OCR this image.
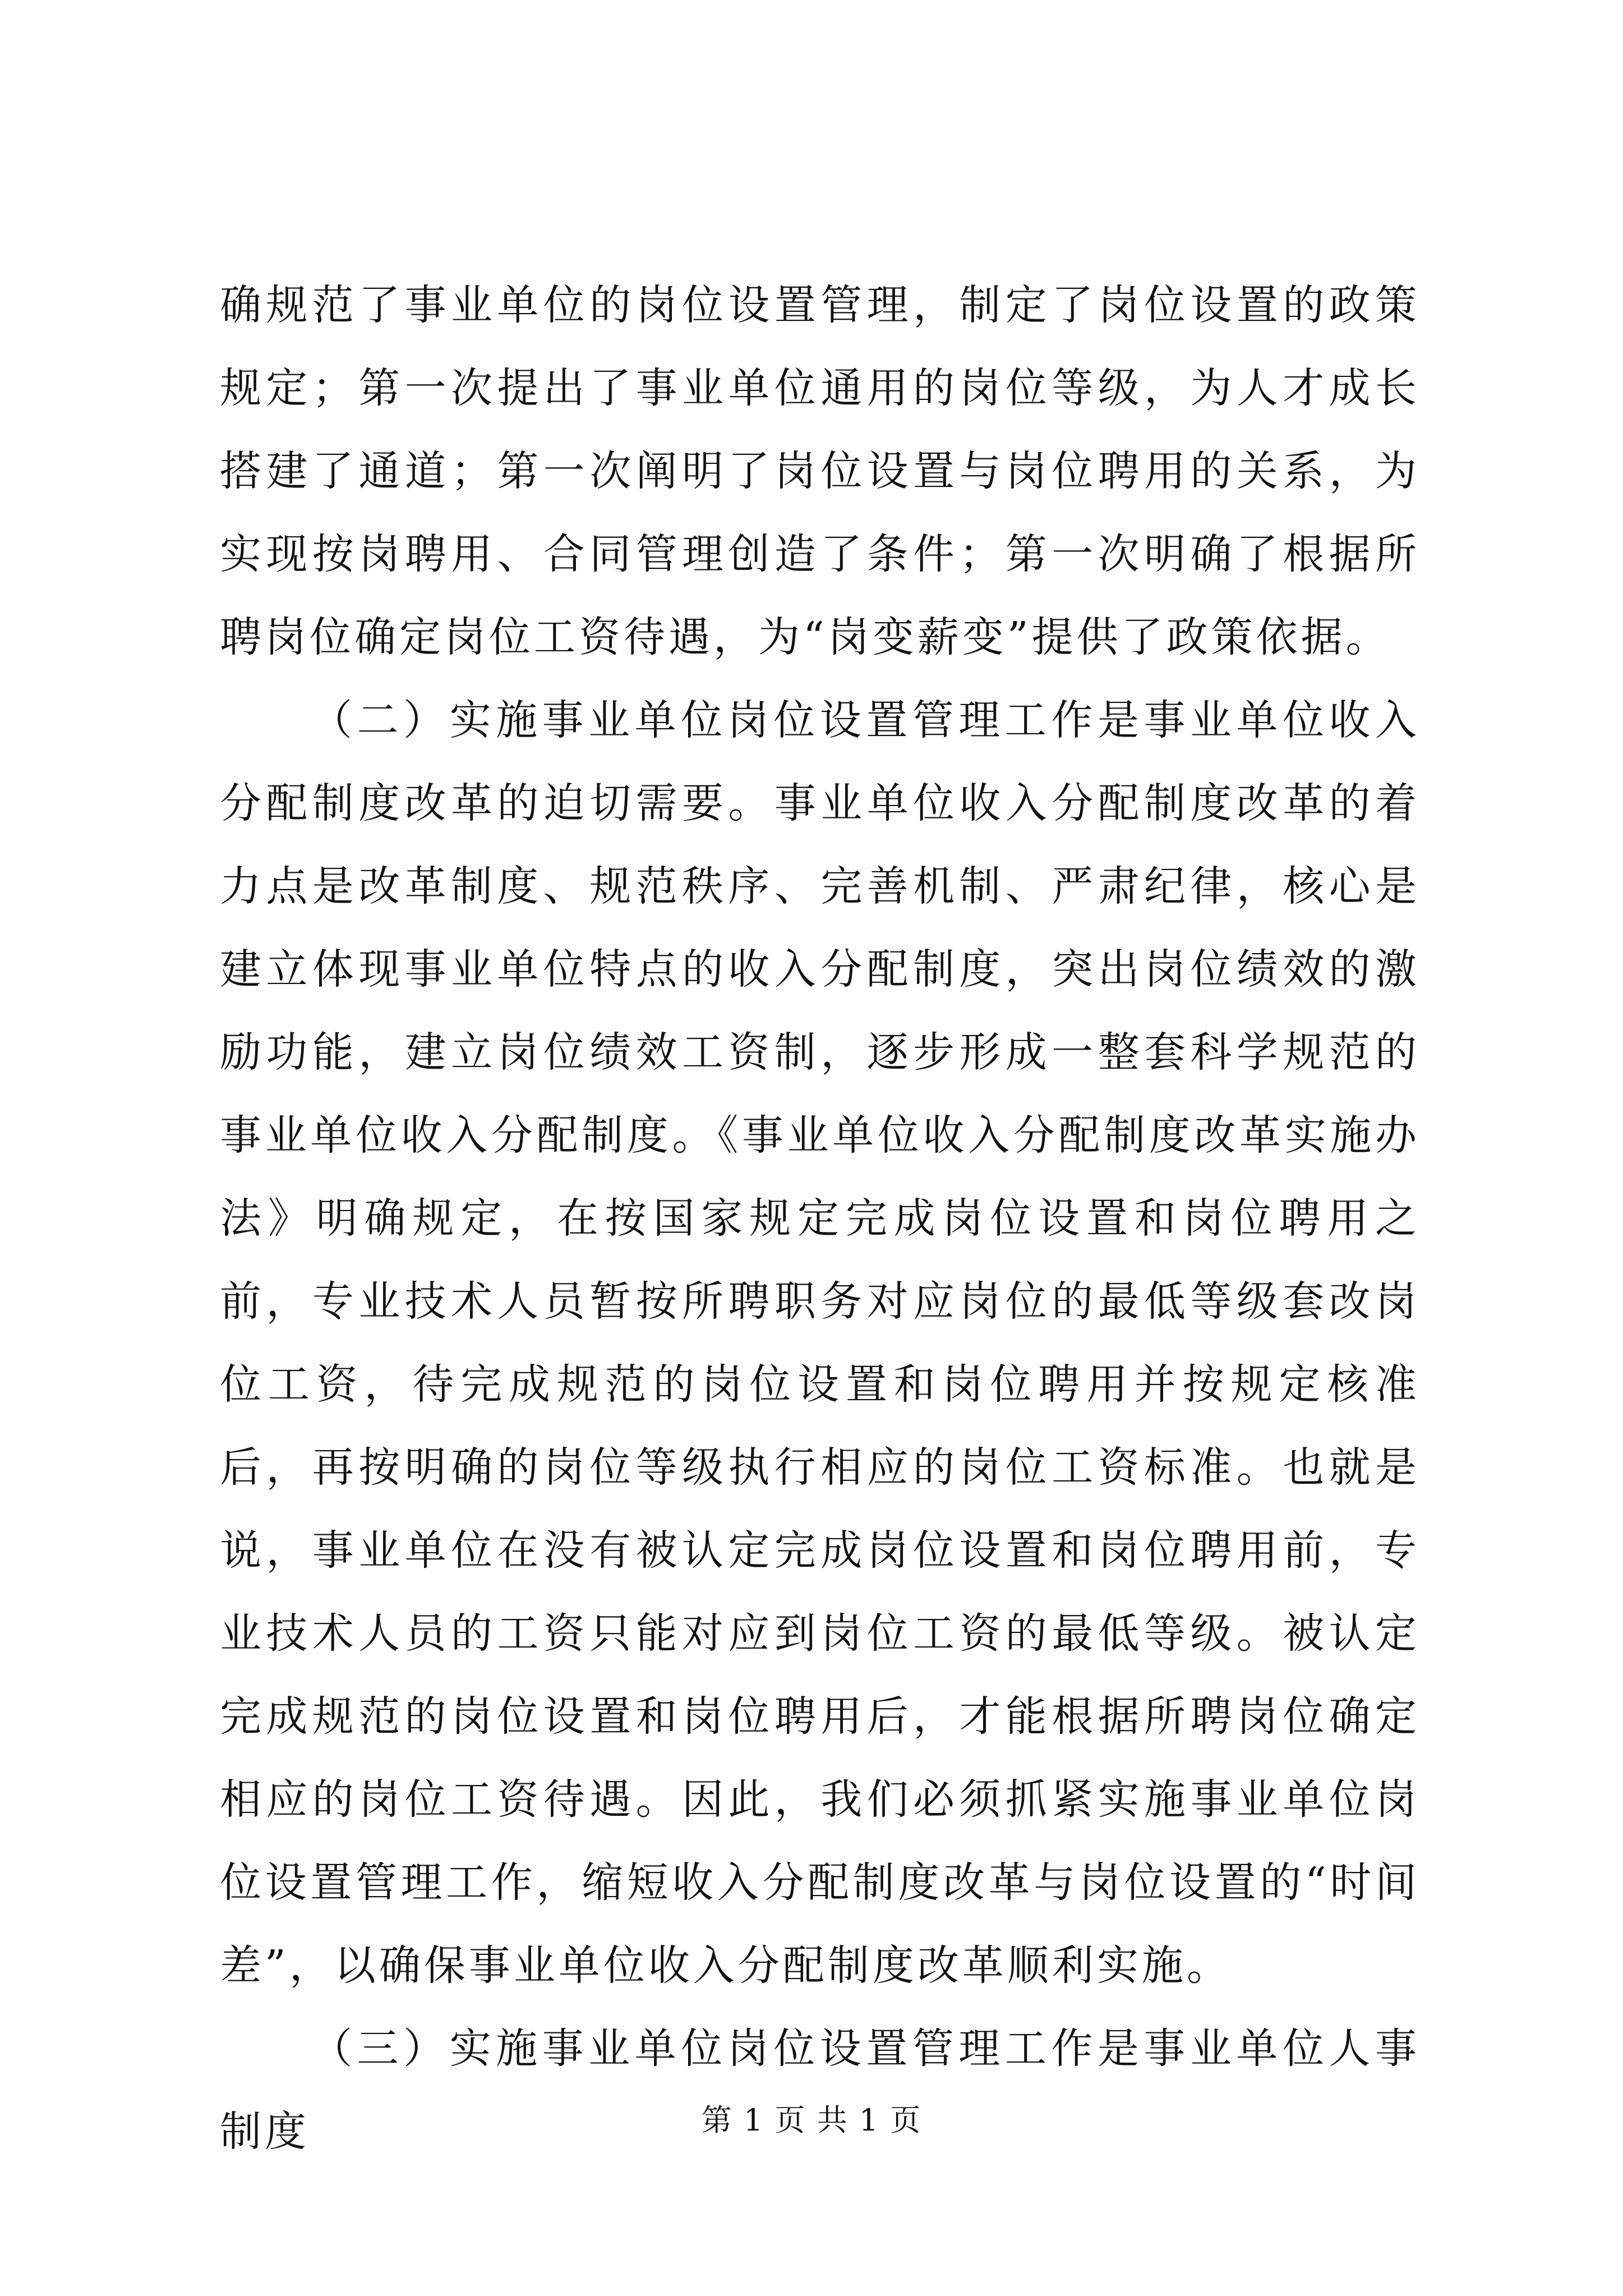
确规范了事业单位的岗位设置管理，制定了岗位设置的政策规定；第一次提出了事业单位通用的岗位等级，为人才成长搭建了通道；第一次阐明了岗位设置与岗位聘用的关系，为实现按岗聘用、合同管理创造了条件；第一次明确了根据所聘岗位确定岗位工资待遇，为“岗变薪变”提供了政策依据。

（二）实施事业单位岗位设置管理工作是事业单位收入分配制度改革的迫切需要。事业单位收入分配制度改革的着力点是改革制度、规范秩序、完善机制、严肃纪律，核心是建立体现事业单位特点的收入分配制度，突出岗位绩效的激励功能，建立岗位绩效工资制，逐步形成一整套科学规范的事业单位收入分配制度。《事业单位收入分配制度改革实施办法》明确规定，在按国家规定完成岗位设置和岗位聘用之前，专业技术人员暂按所聘职务对应岗位的最低等级套改岗位工资，待完成规范的岗位设置和岗位聘用并按规定核准后，再按明确的岗位等级执行相应的岗位工资标准。也就是说，事业单位在没有被认定完成岗位设置和岗位聘用前，专业技术人员的工资只能对应到岗位工资的最低等级。被认定完成规范的岗位设置和岗位聘用后，才能根据所聘岗位确定相应的岗位工资待遇。因此，我们必须抓紧实施事业单位岗位设置管理工作，缩短收入分配制度改革与岗位设置的“时间差”，以确保事业单位收入分配制度改革顺利实施。

（三）实施事业单位岗位设置管理工作是事业单位人事制度	第 1 页 共 1 页
